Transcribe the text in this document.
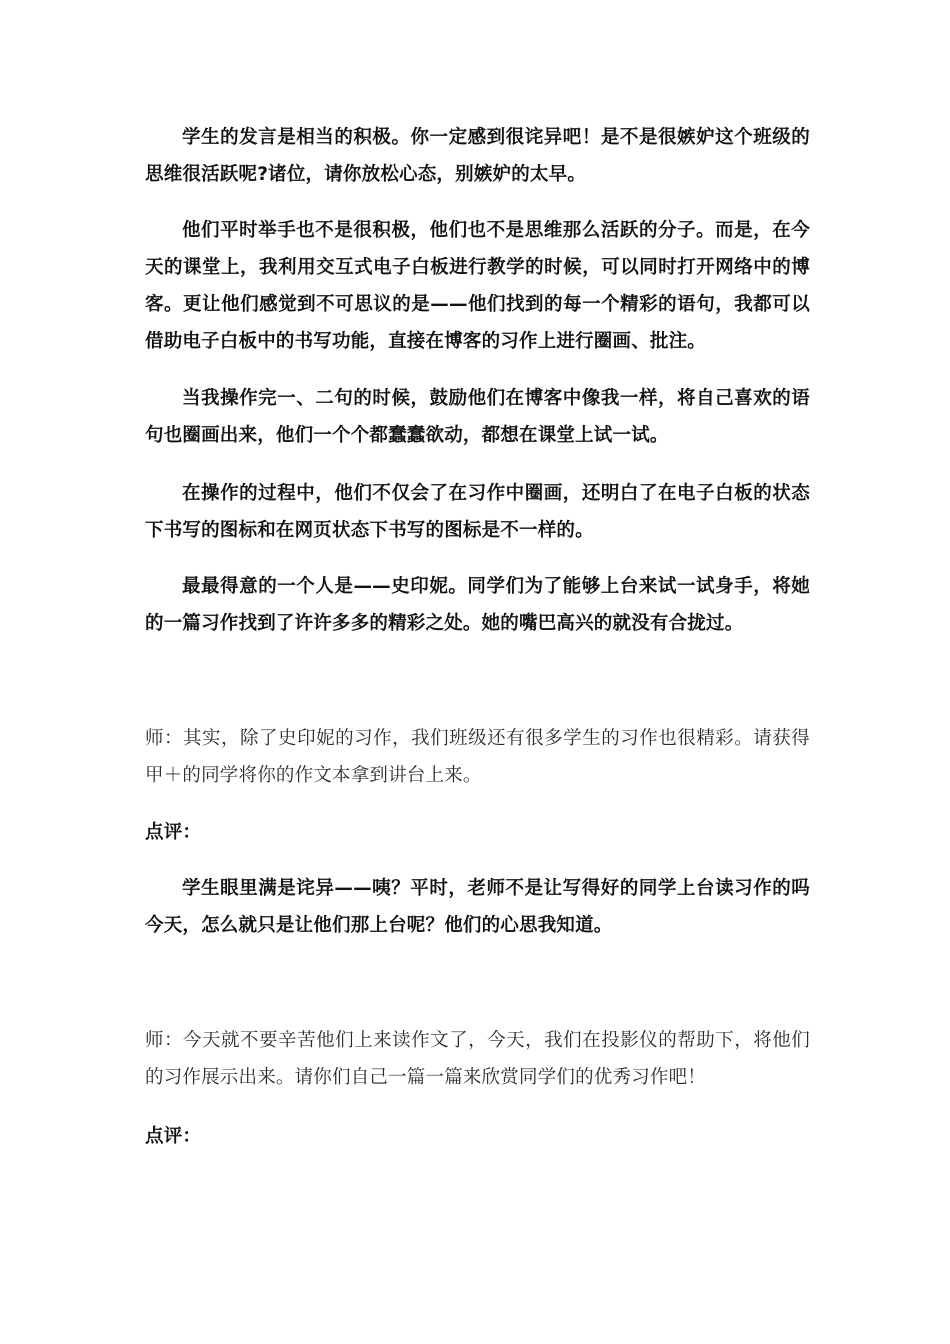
学生的发言是相当的积极。你一定感到很诧异吧！是不是很嫉妒这个班级的思维很活跃呢?诸位，请你放松心态，别嫉妒的太早。

他们平时举手也不是很积极，他们也不是思维那么活跃的分子。而是，在今天的课堂上，我利用交互式电子白板进行教学的时候，可以同时打开网络中的博客。更让他们感觉到不可思议的是——他们找到的每一个精彩的语句，我都可以借助电子白板中的书写功能，直接在博客的习作上进行圈画、批注。

当我操作完一、二句的时候，鼓励他们在博客中像我一样，将自己喜欢的语句也圈画出来，他们一个个都蠢蠢欲动，都想在课堂上试一试。

在操作的过程中，他们不仅会了在习作中圈画，还明白了在电子白板的状态下书写的图标和在网页状态下书写的图标是不一样的。

最最得意的一个人是——史印妮。同学们为了能够上台来试一试身手，将她的一篇习作找到了许许多多的精彩之处。她的嘴巴高兴的就没有合拢过。

师：其实，除了史印妮的习作，我们班级还有很多学生的习作也很精彩。请获得甲＋的同学将你的作文本拿到讲台上来。

点评：

学生眼里满是诧异——咦？平时，老师不是让写得好的同学上台读习作的吗今天，怎么就只是让他们那上台呢？他们的心思我知道。

师：今天就不要辛苦他们上来读作文了，今天，我们在投影仪的帮助下，将他们的习作展示出来。请你们自己一篇一篇来欣赏同学们的优秀习作吧！

点评：
